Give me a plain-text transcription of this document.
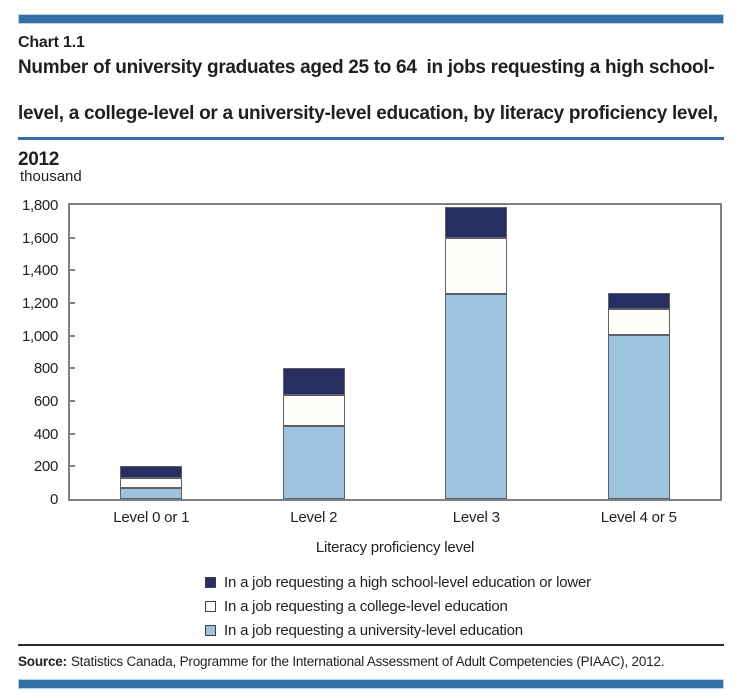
Chart 1.1
Number of university graduates aged 25 to 64  in jobs requesting a high school-

level, a college-level or a university-level education, by literacy proficiency level,

2012
thousand
0
200
400
600
800
1,000
1,200
1,400
1,600
1,800
Level 0 or 1	Level 2	Level 3	Level 4 or 5
Literacy proficiency level
In a job requesting a high school-level education or lower
In a job requesting a college-level education
In a job requesting a university-level education
Source: Statistics Canada, Programme for the International Assessment of Adult Competencies (PIAAC), 2012.
